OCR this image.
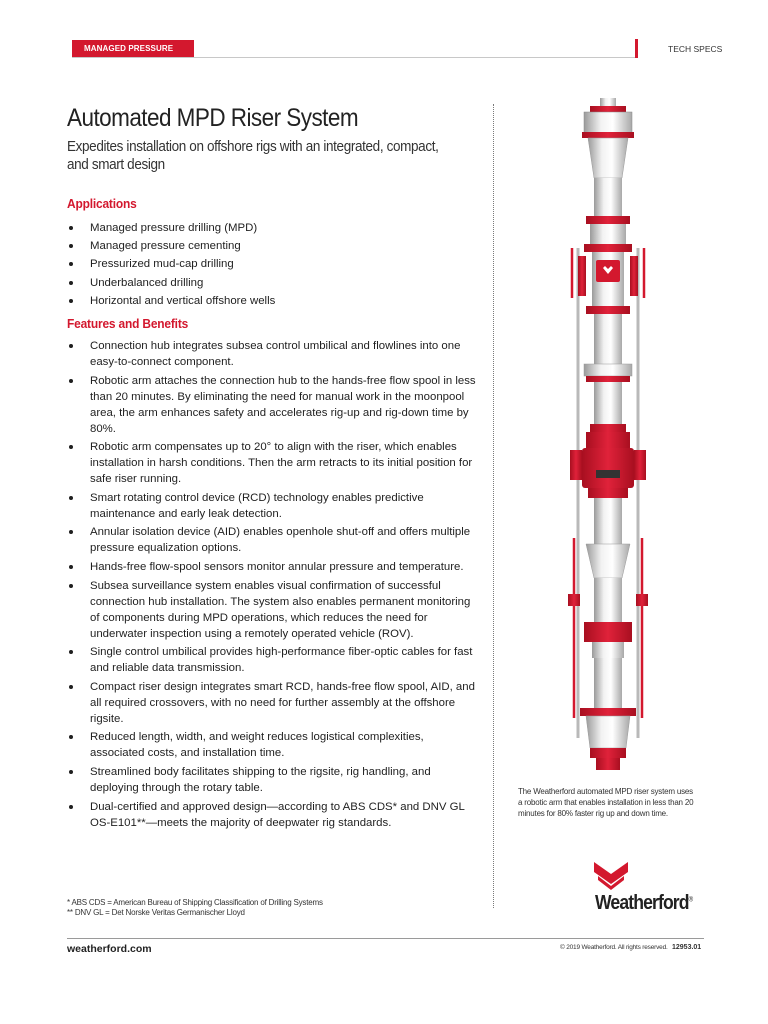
MANAGED PRESSURE DRILLING
TECH SPECS
Automated MPD Riser System

Expedites installation on offshore rigs with an integrated, compact, and smart design

Applications
Managed pressure drilling (MPD)
Managed pressure cementing
Pressurized mud-cap drilling
Underbalanced drilling
Horizontal and vertical offshore wells
Features and Benefits
Connection hub integrates subsea control umbilical and flowlines into one easy-to-connect component.
Robotic arm attaches the connection hub to the hands-free flow spool in less than 20 minutes. By eliminating the need for manual work in the moonpool area, the arm enhances safety and accelerates rig-up and rig-down time by 80%.
Robotic arm compensates up to 20° to align with the riser, which enables installation in harsh conditions. Then the arm retracts to its initial position for safe riser running.
Smart rotating control device (RCD) technology enables predictive maintenance and early leak detection.
Annular isolation device (AID) enables openhole shut-off and offers multiple pressure equalization options.
Hands-free flow-spool sensors monitor annular pressure and temperature.
Subsea surveillance system enables visual confirmation of successful connection hub installation. The system also enables permanent monitoring of components during MPD operations, which reduces the need for underwater inspection using a remotely operated vehicle (ROV).
Single control umbilical provides high-performance fiber-optic cables for fast and reliable data transmission.
Compact riser design integrates smart RCD, hands-free flow spool, AID, and all required crossovers, with no need for further assembly at the offshore rigsite.
Reduced length, width, and weight reduces logistical complexities, associated costs, and installation time.
Streamlined body facilitates shipping to the rigsite, rig handling, and deploying through the rotary table.
Dual-certified and approved design—according to ABS CDS* and DNV GL OS-E101**—meets the majority of deepwater rig standards.

The Weatherford automated MPD riser system uses a robotic arm that enables installation in less than 20 minutes for 80% faster rig up and down time.

Weatherford®
* ABS CDS = American Bureau of Shipping Classification of Drilling Systems
** DNV GL = Det Norske Veritas Germanischer Lloyd
weatherford.com	© 2019 Weatherford. All rights reserved. 12953.01
